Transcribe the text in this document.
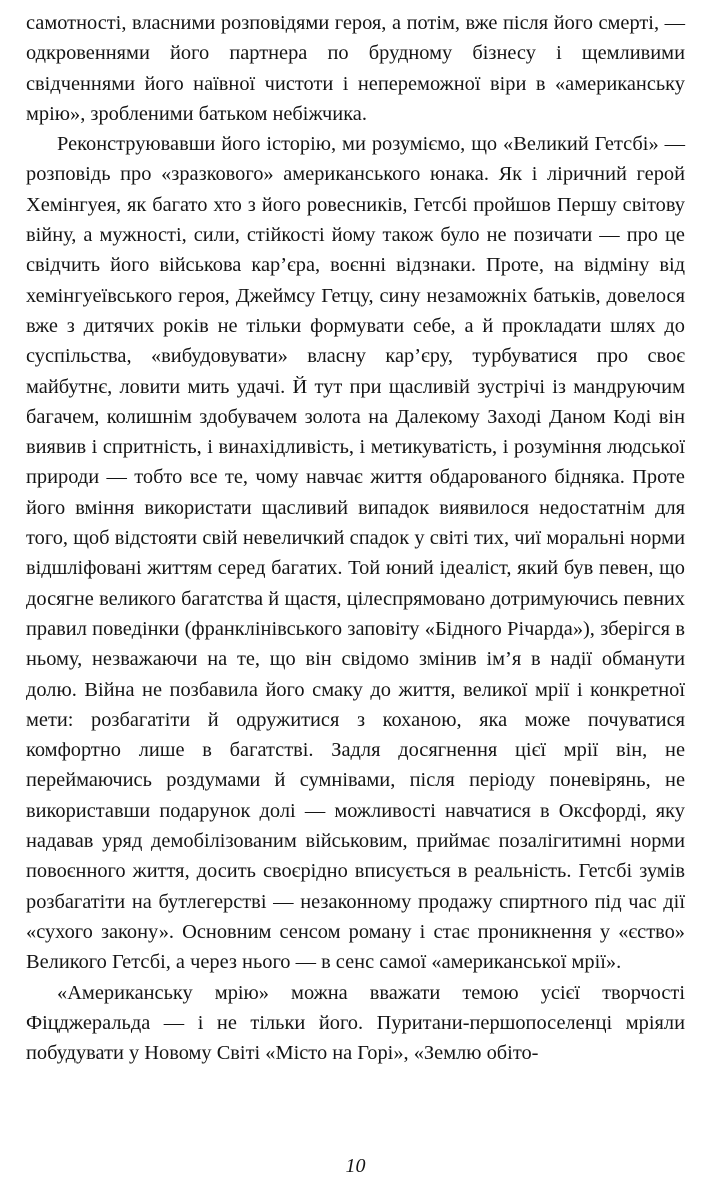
самотності, власними розповідями героя, а потім, вже після його смерті, — одкровеннями його партнера по брудному бізнесу і щемливими свідченнями його наївної чистоти і непереможної віри в «американську мрію», зробленими батьком небіжчика.

Реконструювавши його історію, ми розуміємо, що «Великий Гетсбі» — розповідь про «зразкового» американського юнака. Як і ліричний герой Хемінгуея, як багато хто з його ровесників, Гетсбі пройшов Першу світову війну, а мужності, сили, стійкості йому також було не позичати — про це свідчить його військова кар’єра, воєнні відзнаки. Проте, на відміну від хемінгуеївського героя, Джеймсу Гетцу, сину незаможніх батьків, довелося вже з дитячих років не тільки формувати себе, а й прокладати шлях до суспільства, «вибудовувати» власну кар’єру, турбуватися про своє майбутнє, ловити мить удачі. Й тут при щасливій зустрічі із мандруючим багачем, колишнім здобувачем золота на Далекому Заході Даном Коді він виявив і спритність, і винахідливість, і метикуватість, і розуміння людської природи — тобто все те, чому навчає життя обдарованого бідняка. Проте його вміння використати щасливий випадок виявилося недостатнім для того, щоб відстояти свій невеличкий спадок у світі тих, чиї моральні норми відшліфовані життям серед багатих. Той юний ідеаліст, який був певен, що досягне великого багатства й щастя, цілеспрямовано дотримуючись певних правил поведінки (франклінівського заповіту «Бідного Річарда»), зберігся в ньому, незважаючи на те, що він свідомо змінив ім’я в надії обманути долю. Війна не позбавила його смаку до життя, великої мрії і конкретної мети: розбагатіти й одружитися з коханою, яка може почуватися комфортно лише в багатстві. Задля досягнення цієї мрії він, не переймаючись роздумами й сумнівами, після періоду поневірянь, не використавши подарунок долі — можливості навчатися в Оксфорді, яку надавав уряд демобілізованим військовим, приймає позалігитимні норми повоєнного життя, досить своєрідно вписується в реальність. Гетсбі зумів розбагатіти на бутлегерстві — незаконному продажу спиртного під час дії «сухого закону». Основним сенсом роману і стає проникнення у «єство» Великого Гетсбі, а через нього — в сенс самої «американської мрії».

«Американську мрію» можна вважати темою усієї творчості Фіцджеральда — і не тільки його. Пуритани-першопоселенці мріяли побудувати у Новому Світі «Місто на Горі», «Землю обіто-

10
